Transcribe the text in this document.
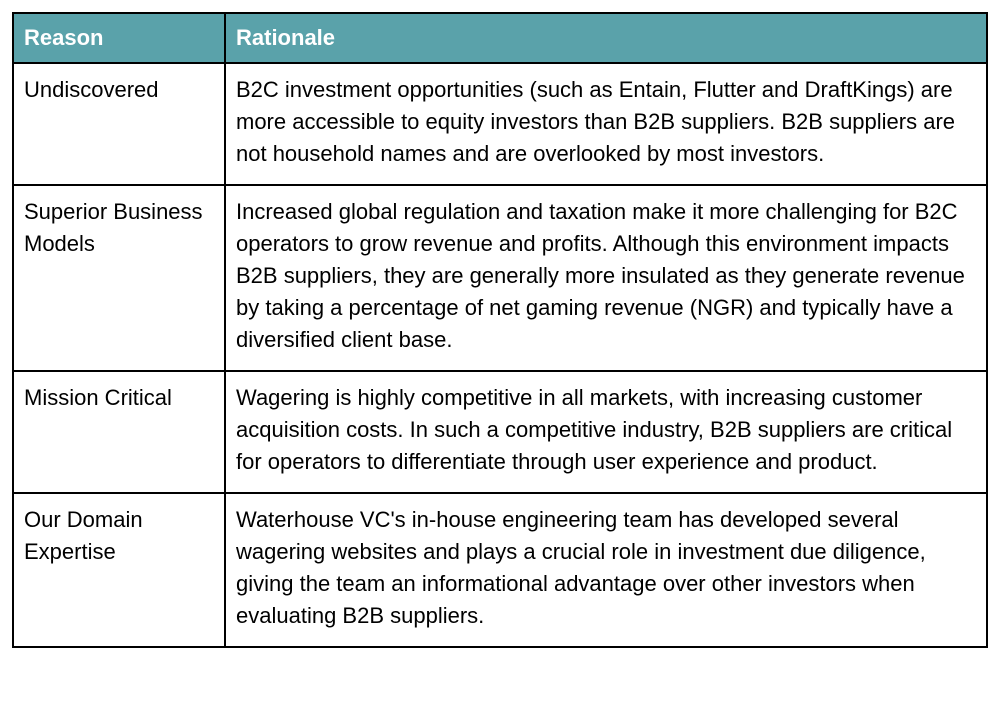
Reason	Rationale
Undiscovered	B2C investment opportunities (such as Entain, Flutter and DraftKings) are more accessible to equity investors than B2B suppliers. B2B suppliers are not household names and are overlooked by most investors.
Superior Business Models	Increased global regulation and taxation make it more challenging for B2C operators to grow revenue and profits. Although this environment impacts B2B suppliers, they are generally more insulated as they generate revenue by taking a percentage of net gaming revenue (NGR) and typically have a diversified client base.
Mission Critical	Wagering is highly competitive in all markets, with increasing customer acquisition costs. In such a competitive industry, B2B suppliers are critical for operators to differentiate through user experience and product.
Our Domain Expertise	Waterhouse VC's in-house engineering team has developed several wagering websites and plays a crucial role in investment due diligence, giving the team an informational advantage over other investors when evaluating B2B suppliers.
